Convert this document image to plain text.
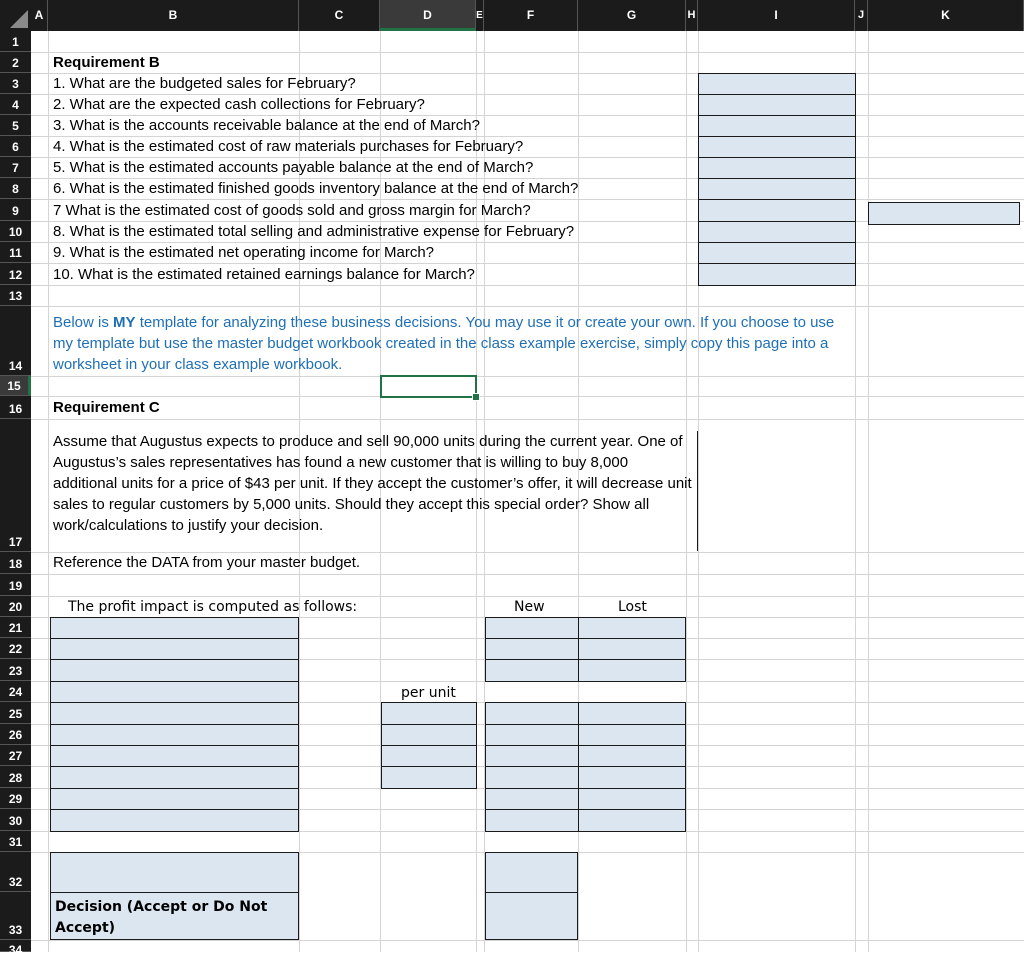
A	B	C	D	E	F	G	H	I	J	K
1
2
3
4
5
6
7
8
9
10
11
12
13
14
15
16
17
18
19
20
21
22
23
24
25
26
27
28
29
30
31
32
33
34
Requirement B
1. What are the budgeted sales for February?
2. What are the expected cash collections for February?
3. What is the accounts receivable balance at the end of March?
4. What is the estimated cost of raw materials purchases for February?
5. What is the estimated accounts payable balance at the end of March?
6. What is the estimated finished goods inventory balance at the end of March?
7 What is the estimated cost of goods sold and gross margin for March?
8. What is the estimated total selling and administrative expense for February?
9. What is the estimated net operating income for March?
10. What is the estimated retained earnings balance for March?
Below is MY template for analyzing these business decisions. You may use it or create your own. If you choose to use my template but use the master budget workbook created in the class example exercise, simply copy this page into a worksheet in your class example workbook.
Requirement C
Assume that Augustus expects to produce and sell 90,000 units during the current year. One of Augustus’s sales representatives has found a new customer that is willing to buy 8,000 additional units for a price of $43 per unit. If they accept the customer’s offer, it will decrease unit sales to regular customers by 5,000 units. Should they accept this special order? Show all work/calculations to justify your decision.
Reference the DATA from your master budget.
The profit impact is computed as follows:	New	Lost
per unit
Decision (Accept or Do Not Accept)
